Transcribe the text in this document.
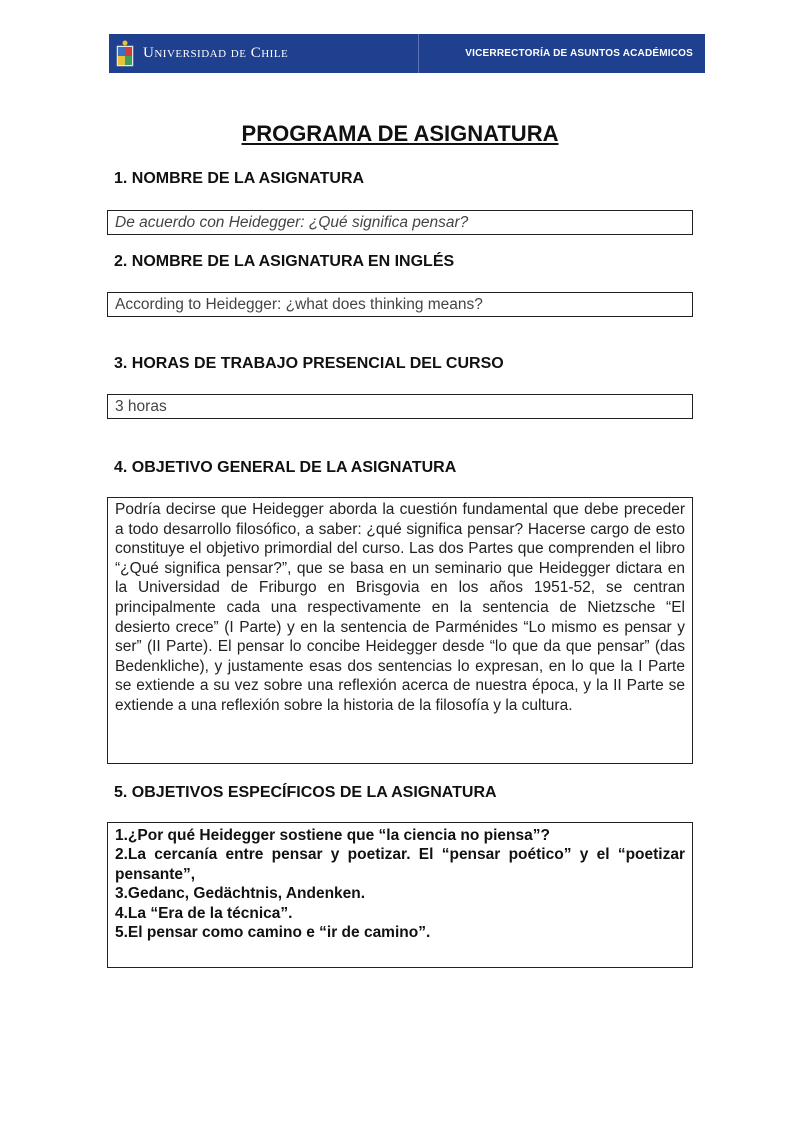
Universidad de Chile	VICERRECTORÍA DE ASUNTOS ACADÉMICOS
PROGRAMA DE ASIGNATURA
1. NOMBRE DE LA ASIGNATURA
De acuerdo con Heidegger: ¿Qué significa pensar?
2. NOMBRE DE LA ASIGNATURA EN INGLÉS
According to Heidegger: ¿what does thinking means?
3. HORAS DE TRABAJO PRESENCIAL DEL CURSO
3 horas
4. OBJETIVO GENERAL DE LA ASIGNATURA
Podría decirse que Heidegger aborda la cuestión fundamental que debe preceder a todo desarrollo filosófico, a saber: ¿qué significa pensar? Hacerse cargo de esto constituye el objetivo primordial del curso. Las dos Partes que comprenden el libro “¿Qué significa pensar?”, que se basa en un seminario que Heidegger dictara en la Universidad de Friburgo en Brisgovia en los años 1951-52, se centran principalmente cada una respectivamente en la sentencia de Nietzsche “El desierto crece” (I Parte) y en la sentencia de Parménides “Lo mismo es pensar y ser” (II Parte). El pensar lo concibe Heidegger desde “lo que da que pensar” (das Bedenkliche), y justamente esas dos sentencias lo expresan, en lo que la I Parte se extiende a su vez sobre una reflexión acerca de nuestra época, y la II Parte se extiende a una reflexión sobre la historia de la filosofía y la cultura.
5. OBJETIVOS ESPECÍFICOS DE LA ASIGNATURA
1.¿Por qué Heidegger sostiene que “la ciencia no piensa”?
2.La cercanía entre pensar y poetizar. El “pensar poético” y el “poetizar pensante”,
3.Gedanc, Gedächtnis, Andenken.
4.La “Era de la técnica”.
5.El pensar como camino e “ir de camino”.
